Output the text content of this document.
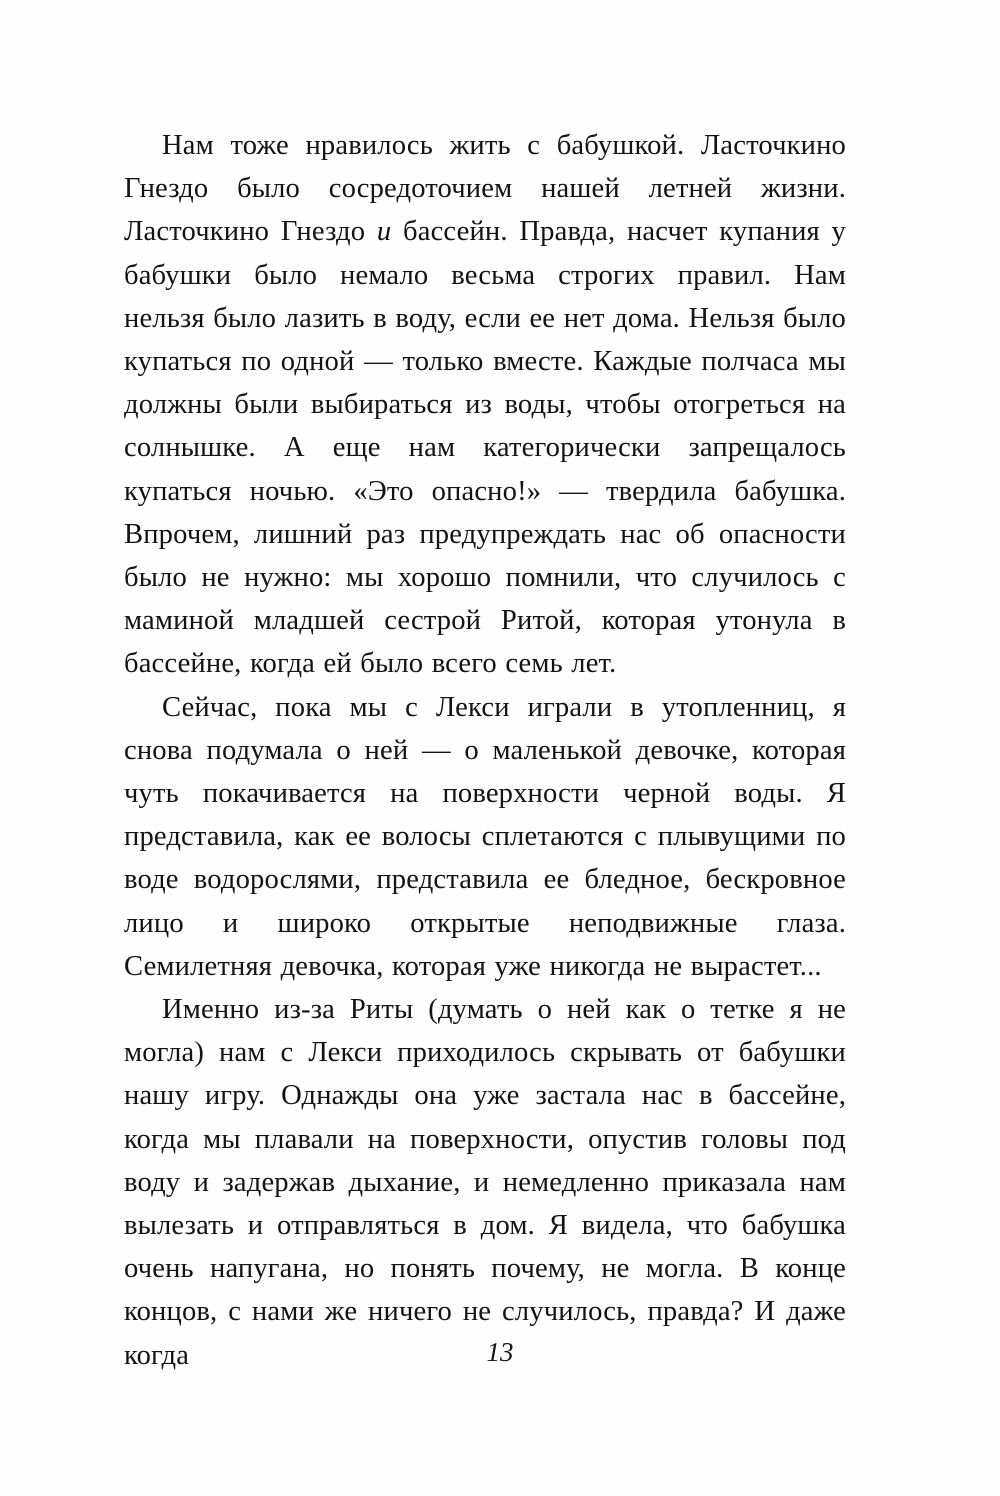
Нам тоже нравилось жить с бабушкой. Ласточкино Гнездо было сосредоточием нашей летней жизни. Ласточкино Гнездо и бассейн. Правда, насчет купания у бабушки было немало весьма строгих правил. Нам нельзя было лазить в воду, если ее нет дома. Нельзя было купаться по одной — только вместе. Каждые полчаса мы должны были выбираться из воды, чтобы отогреться на солнышке. А еще нам категорически запрещалось купаться ночью. «Это опасно!» — твердила бабушка. Впрочем, лишний раз предупреждать нас об опасности было не нужно: мы хорошо помнили, что случилось с маминой младшей сестрой Ритой, которая утонула в бассейне, когда ей было всего семь лет.

Сейчас, пока мы с Лекси играли в утопленниц, я снова подумала о ней — о маленькой девочке, которая чуть покачивается на поверхности черной воды. Я представила, как ее волосы сплетаются с плывущими по воде водорослями, представила ее бледное, бескровное лицо и широко открытые неподвижные глаза. Семилетняя девочка, которая уже никогда не вырастет...

Именно из-за Риты (думать о ней как о тетке я не могла) нам с Лекси приходилось скрывать от бабушки нашу игру. Однажды она уже застала нас в бассейне, когда мы плавали на поверхности, опустив головы под воду и задержав дыхание, и немедленно приказала нам вылезать и отправляться в дом. Я видела, что бабушка очень напугана, но понять почему, не могла. В конце концов, с нами же ничего не случилось, правда? И даже когда	13
